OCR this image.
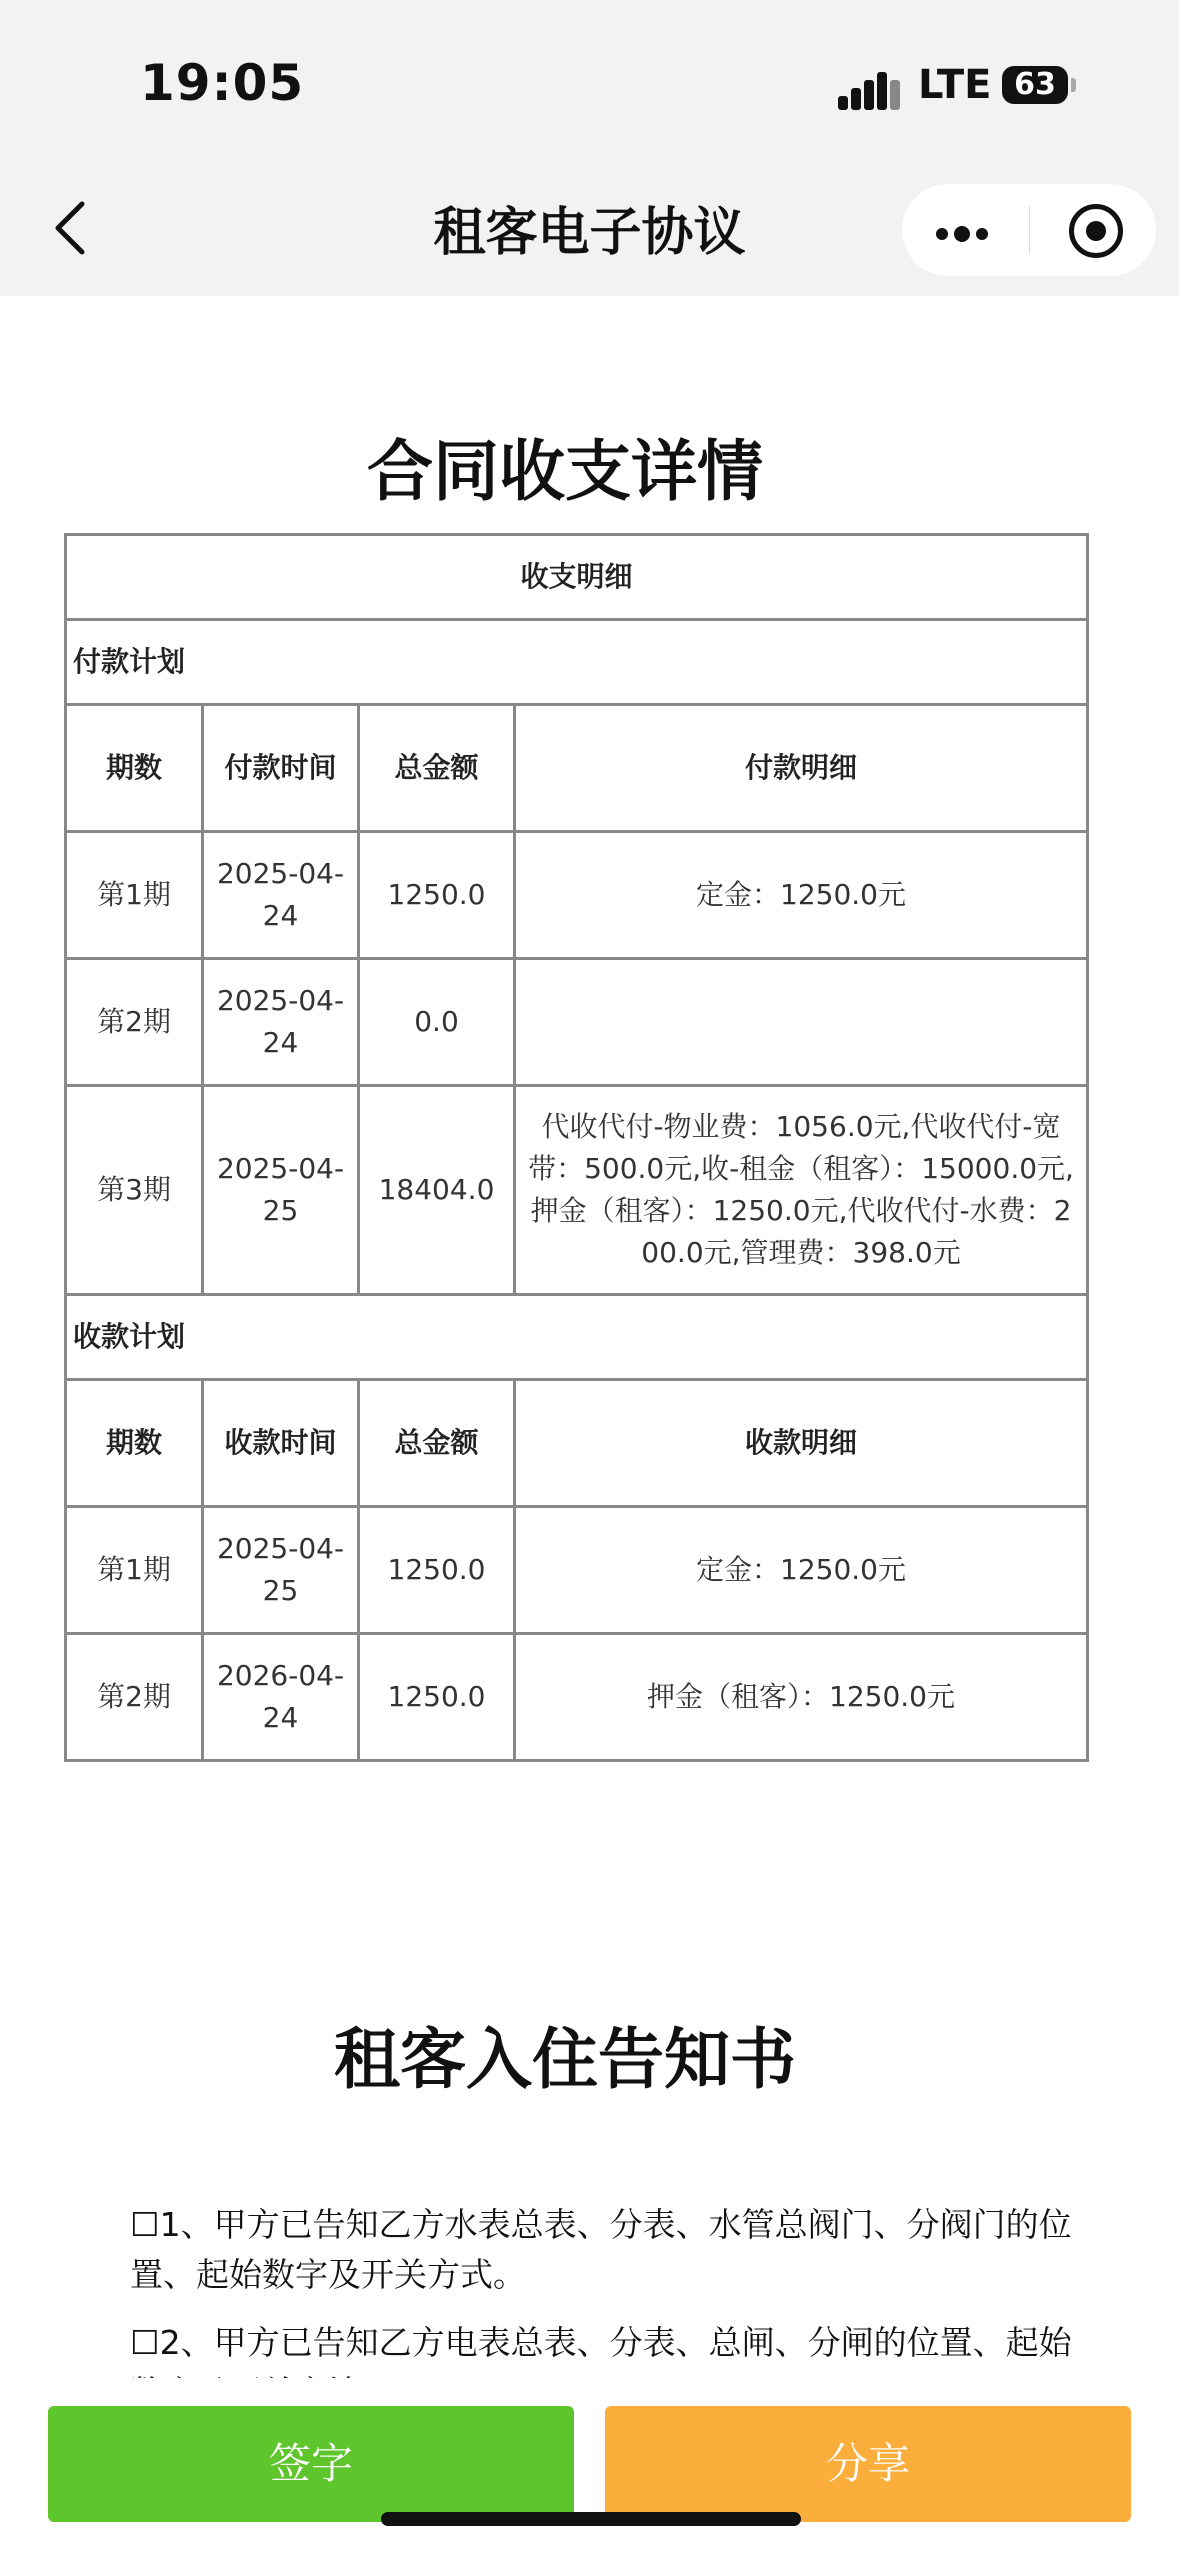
19:05	LTE 63
租客电子协议
合同收支详情
收支明细			
付款计划			
期数	付款时间	总金额	付款明细
第1期	2025-04-24	1250.0	定金：1250.0元
第2期	2025-04-24	0.0	
第3期	2025-04-25	18404.0	代收代付-物业费：1056.0元,代收代付-宽带：500.0元,收-租金（租客）：15000.0元,押金（租客）：1250.0元,代收代付-水费：200.0元,管理费：398.0元
收款计划			
期数	收款时间	总金额	收款明细
第1期	2025-04-25	1250.0	定金：1250.0元
第2期	2026-04-24	1250.0	押金（租客）：1250.0元
租客入住告知书

☐1、甲方已告知乙方水表总表、分表、水管总阀门、分阀门的位置、起始数字及开关方式。

☐2、甲方已告知乙方电表总表、分表、总闸、分闸的位置、起始

签字	分享
